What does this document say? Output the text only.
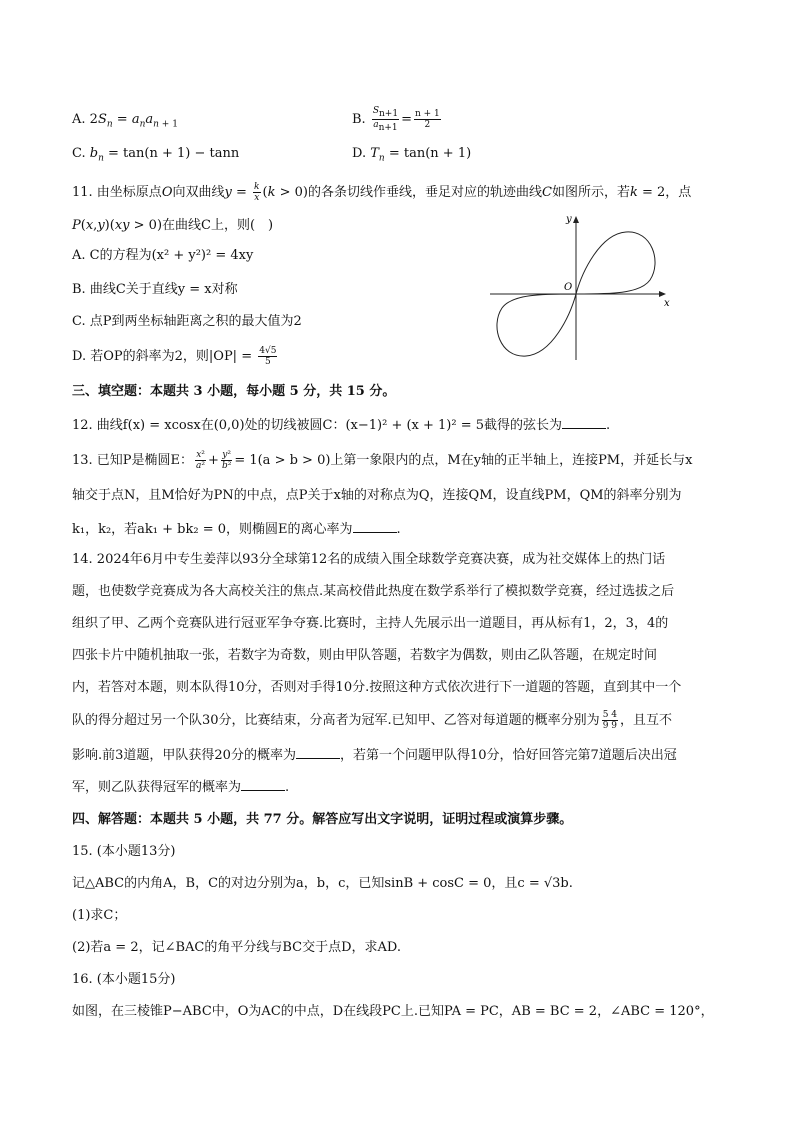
A. $2S_n = a_na_{n + 1}$	B. $\frac{S_{n+1}}{a_{n+1}} = \frac{n + 1}{2}$
C. $b_n = \tan(n + 1) - \tan n$	D. $T_n = \tan(n + 1)$
11. 由坐标原点O向双曲线$y = \frac{k}{x} (k > 0)$的各条切线作垂线，垂足对应的轨迹曲线C如图所示，若k = 2，点
P(x,y)(xy > 0)在曲线C上，则(　)
A. C的方程为(x² + y²)² = 4xy
B. 曲线C关于直线y = x对称
C. 点P到两坐标轴距离之积的最大值为2
D. 若OP的斜率为2，则$|OP| = \frac{4√5}{5}$
x
y
O
三、填空题：本题共 3 小题，每小题 5 分，共 15 分。
12. 曲线f(x) = xcosx在(0,0)处的切线被圆C：(x−1)² + (x + 1)² = 5截得的弦长为	.
13. 已知P是椭圆E： $\frac{\text{x²}}{\text{a²}} + \frac{\text{y²}}{\text{b²}} = 1(a > b > 0)$上第一象限内的点，M在y轴的正半轴上，连接PM，并延长与x
轴交于点N，且M恰好为PN的中点，点P关于x轴的对称点为Q，连接QM，设直线PM，QM的斜率分别为
k₁，k₂，若ak₁ + bk₂ = 0，则椭圆E的离心率为	.
14. 2024年6月中专生姜萍以93分全球第12名的成绩入围全球数学竞赛决赛，成为社交媒体上的热门话
题，也使数学竞赛成为各大高校关注的焦点.某高校借此热度在数学系举行了模拟数学竞赛，经过选拔之后
组织了甲、乙两个竞赛队进行冠亚军争夺赛.比赛时，主持人先展示出一道题目，再从标有1，2，3，4的
四张卡片中随机抽取一张，若数字为奇数，则由甲队答题，若数字为偶数，则由乙队答题，在规定时间
内，若答对本题，则本队得10分，否则对手得10分.按照这种方式依次进行下一道题的答题，直到其中一个
队的得分超过另一个队30分，比赛结束，分高者为冠军.已知甲、乙答对每道题的概率分别为 $\frac{5 4}{9 9}$ ，且互不
影响.前3道题，甲队获得20分的概率为	，若第一个问题甲队得10分，恰好回答完第7道题后决出冠
军，则乙队获得冠军的概率为	.
四、解答题：本题共 5 小题，共 77 分。解答应写出文字说明，证明过程或演算步骤。
15. (本小题13分)
记△ABC的内角A，B，C的对边分别为a，b，c，已知sinB + cosC = 0，且c = √3b.
(1)求C；
(2)若a = 2，记∠BAC的角平分线与BC交于点D，求AD.
16. (本小题15分)
如图，在三棱锥P−ABC中，O为AC的中点，D在线段PC上.已知PA = PC，AB = BC = 2，∠ABC = 120°，
